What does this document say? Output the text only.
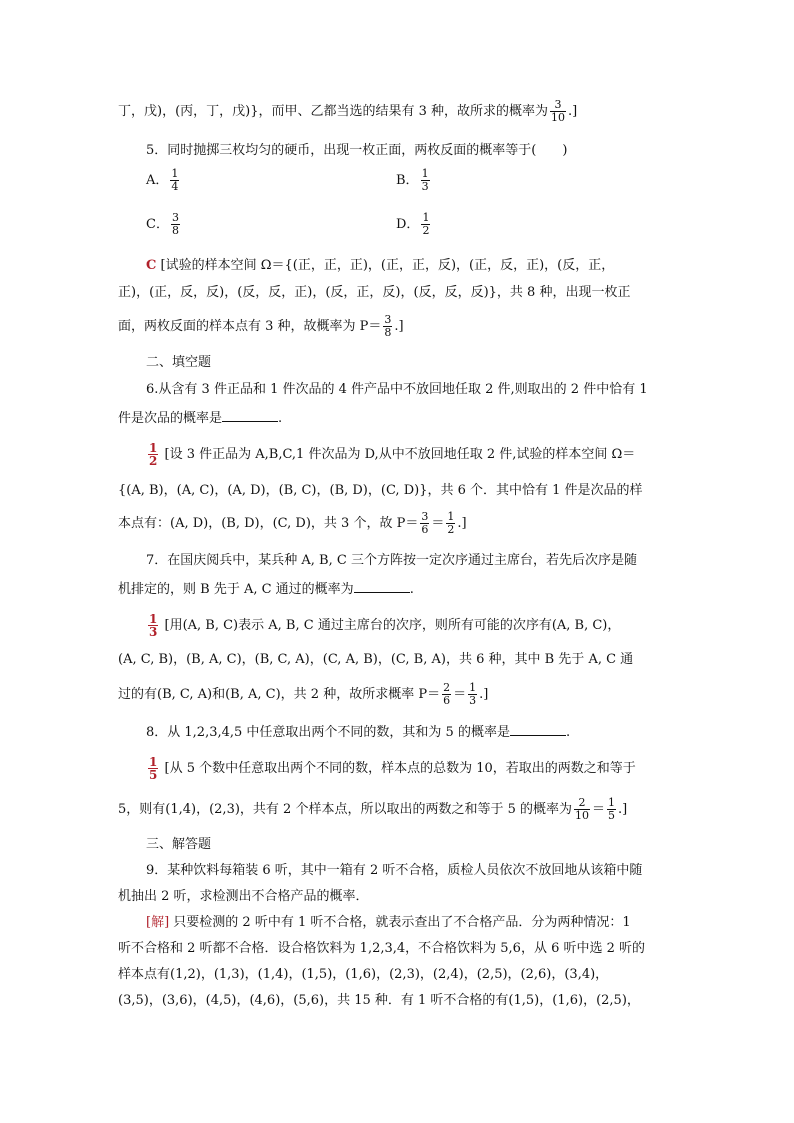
丁，戊)，(丙，丁，戊)}，而甲、乙都当选的结果有 3 种，故所求的概率为 $\frac{3}{10}$ .]
5．同时抛掷三枚均匀的硬币，出现一枚正面，两枚反面的概率等于(　　)
A． $\frac{1}{4}$	B． $\frac{1}{3}$
C． $\frac{3}{8}$	D． $\frac{1}{2}$
C [试验的样本空间 Ω＝{(正，正，正)，(正，正，反)，(正，反，正)，(反，正，
正)，(正，反，反)，(反，反，正)，(反，正，反)，(反，反，反)}，共 8 种，出现一枚正
面，两枚反面的样本点有 3 种，故概率为 $P= \frac{3}{8}$ .]
二、填空题
6.从含有 3 件正品和 1 件次品的 4 件产品中不放回地任取 2 件,则取出的 2 件中恰有 1
件是次品的概率是	.
$\frac{1}{2}$ [设 3 件正品为 A,B,C,1 件次品为 D,从中不放回地任取 2 件,试验的样本空间 Ω＝
{(A, B)，(A, C)，(A, D)，(B, C)，(B, D)，(C, D)}，共 6 个．其中恰有 1 件是次品的样
本点有：(A, D)，(B, D)，(C, D)，共 3 个，故 $P= \frac{3}{6} = \frac{1}{2}$ .]
7．在国庆阅兵中，某兵种 A, B, C 三个方阵按一定次序通过主席台，若先后次序是随
机排定的，则 B 先于 A, C 通过的概率为	.
$\frac{1}{3}$ [用(A, B, C)表示 A, B, C 通过主席台的次序，则所有可能的次序有(A, B, C)，
(A, C, B)，(B, A, C)，(B, C, A)，(C, A, B)，(C, B, A)，共 6 种，其中 B 先于 A, C 通
过的有(B, C, A)和(B, A, C)，共 2 种，故所求概率 $P= \frac{2}{6} = \frac{1}{3}$ .]
8．从 1,2,3,4,5 中任意取出两个不同的数，其和为 5 的概率是	.
$\frac{1}{5}$ [从 5 个数中任意取出两个不同的数，样本点的总数为 10，若取出的两数之和等于
5，则有(1,4)，(2,3)，共有 2 个样本点，所以取出的两数之和等于 5 的概率为 $\frac{2}{10} = \frac{1}{5}$ .]
三、解答题
9．某种饮料每箱装 6 听，其中一箱有 2 听不合格，质检人员依次不放回地从该箱中随
机抽出 2 听，求检测出不合格产品的概率．
[解] 只要检测的 2 听中有 1 听不合格，就表示查出了不合格产品．分为两种情况：1
听不合格和 2 听都不合格．设合格饮料为 1,2,3,4，不合格饮料为 5,6，从 6 听中选 2 听的
样本点有(1,2)，(1,3)，(1,4)，(1,5)，(1,6)，(2,3)，(2,4)，(2,5)，(2,6)，(3,4)，
(3,5)，(3,6)，(4,5)，(4,6)，(5,6)，共 15 种．有 1 听不合格的有(1,5)，(1,6)，(2,5)，
